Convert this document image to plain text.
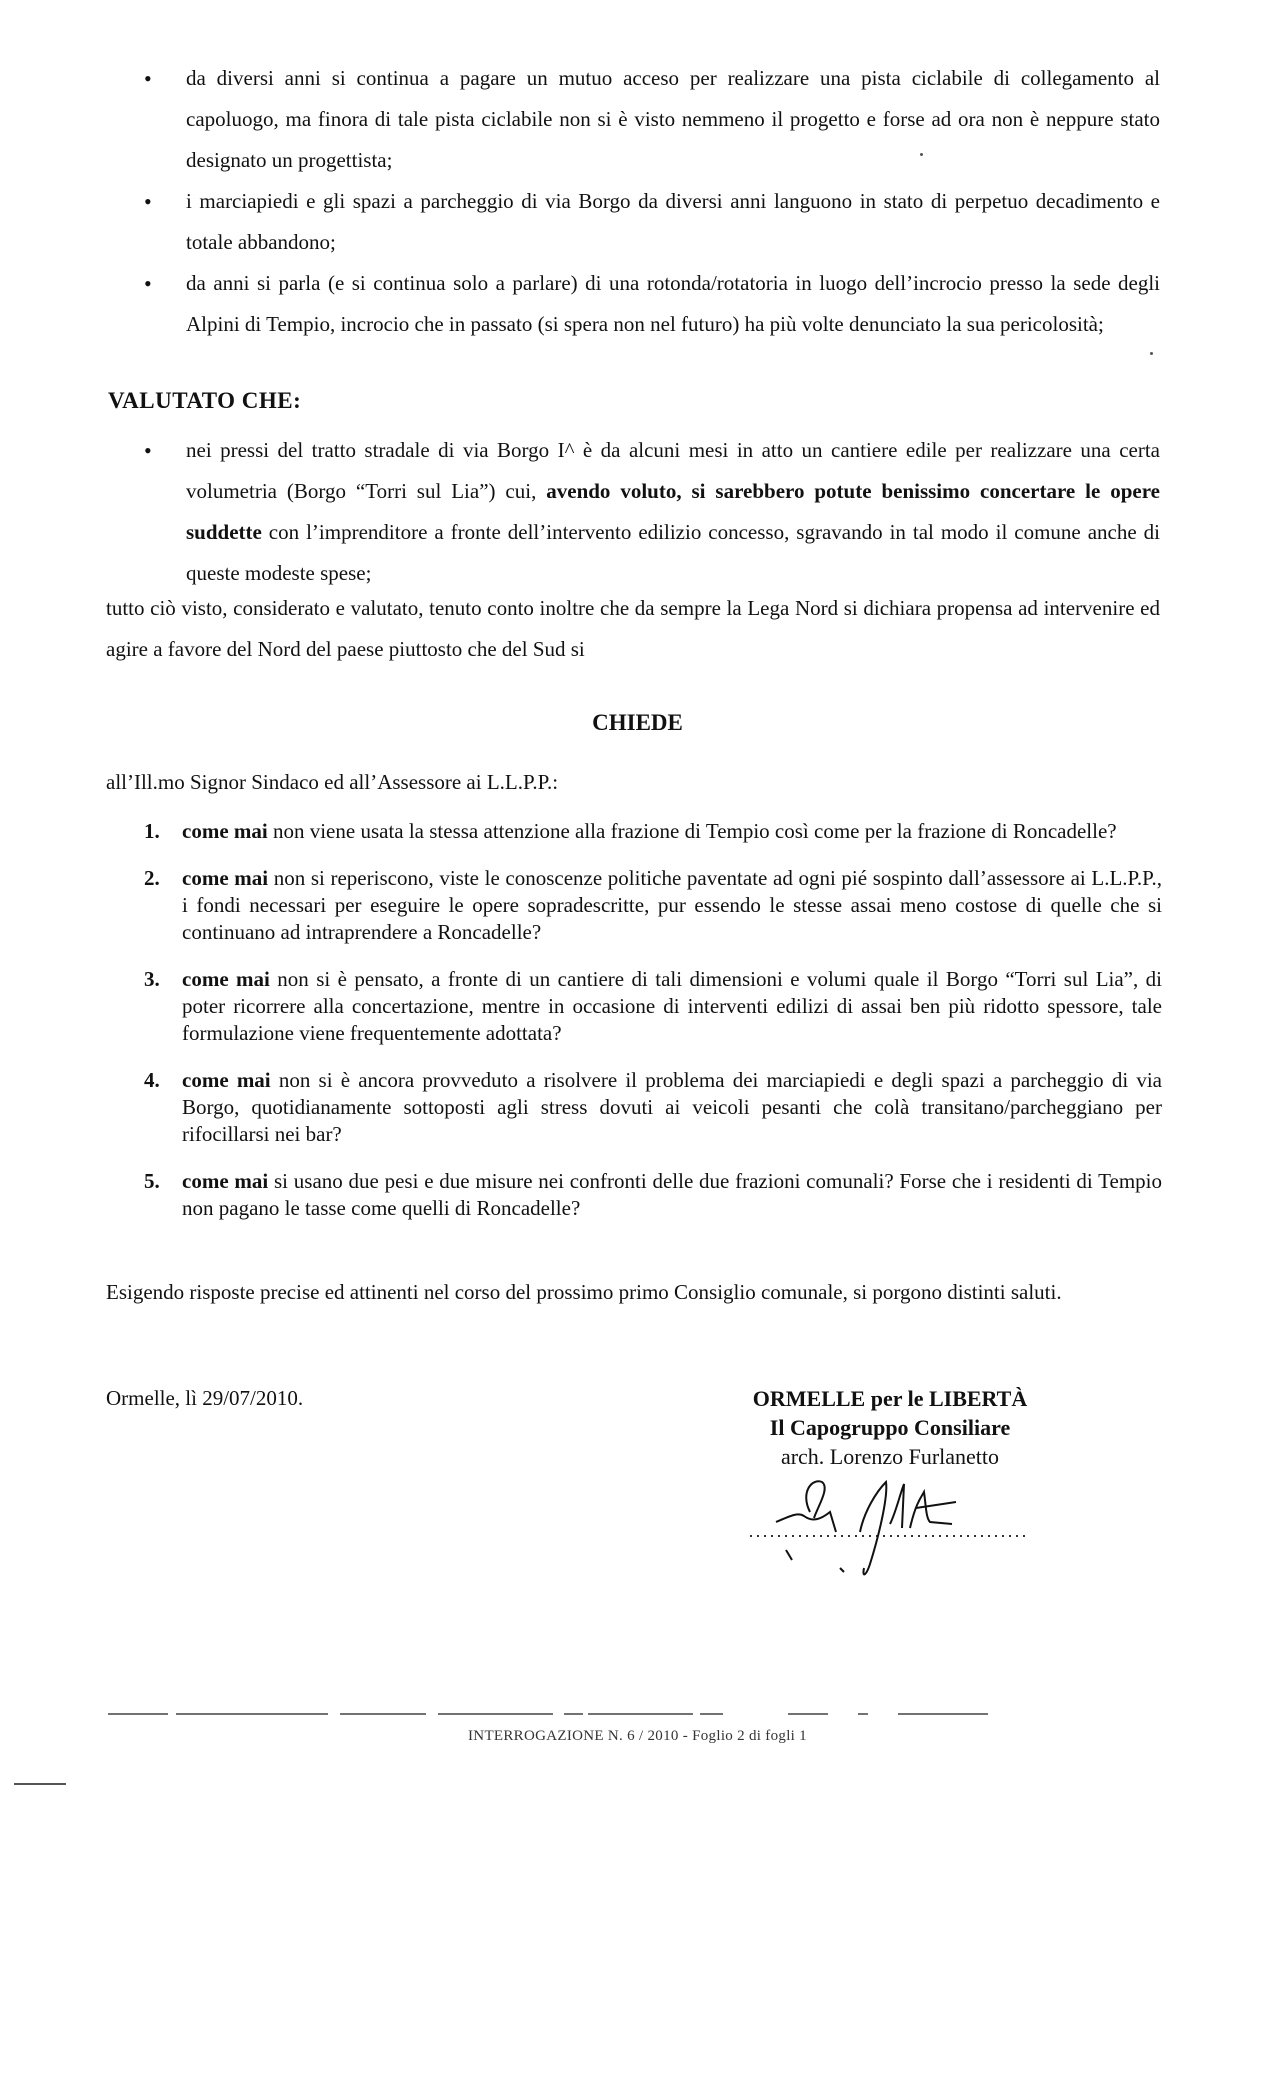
• da diversi anni si continua a pagare un mutuo acceso per realizzare una pista ciclabile di collegamento al capoluogo, ma finora di tale pista ciclabile non si è visto nemmeno il progetto e forse ad ora non è neppure stato designato un progettista;
• i marciapiedi e gli spazi a parcheggio di via Borgo da diversi anni languono in stato di perpetuo decadimento e totale abbandono;
• da anni si parla (e si continua solo a parlare) di una rotonda/rotatoria in luogo dell’incrocio presso la sede degli Alpini di Tempio, incrocio che in passato (si spera non nel futuro) ha più volte denunciato la sua pericolosità;
VALUTATO CHE:
• nei pressi del tratto stradale di via Borgo I^ è da alcuni mesi in atto un cantiere edile per realizzare una certa volumetria (Borgo “Torri sul Lia”) cui, avendo voluto, si sarebbero potute benissimo concertare le opere suddette con l’imprenditore a fronte dell’intervento edilizio concesso, sgravando in tal modo il comune anche di queste modeste spese;
tutto ciò visto, considerato e valutato, tenuto conto inoltre che da sempre la Lega Nord si dichiara propensa ad intervenire ed agire a favore del Nord del paese piuttosto che del Sud si
CHIEDE
all’Ill.mo Signor Sindaco ed all’Assessore ai L.L.P.P.:
1. come mai non viene usata la stessa attenzione alla frazione di Tempio così come per la frazione di Roncadelle?
2. come mai non si reperiscono, viste le conoscenze politiche paventate ad ogni pié sospinto dall’assessore ai L.L.P.P., i fondi necessari per eseguire le opere sopradescritte, pur essendo le stesse assai meno costose di quelle che si continuano ad intraprendere a Roncadelle?
3. come mai non si è pensato, a fronte di un cantiere di tali dimensioni e volumi quale il Borgo “Torri sul Lia”, di poter ricorrere alla concertazione, mentre in occasione di interventi edilizi di assai ben più ridotto spessore, tale formulazione viene frequentemente adottata?
4. come mai non si è ancora provveduto a risolvere il problema dei marciapiedi e degli spazi a parcheggio di via Borgo, quotidianamente sottoposti agli stress dovuti ai veicoli pesanti che colà transitano/parcheggiano per rifocillarsi nei bar?
5. come mai si usano due pesi e due misure nei confronti delle due frazioni comunali? Forse che i residenti di Tempio non pagano le tasse come quelli di Roncadelle?
Esigendo risposte precise ed attinenti nel corso del prossimo primo Consiglio comunale, si porgono distinti saluti.
Ormelle, lì 29/07/2010.	ORMELLE per le LIBERTÀ
Il Capogruppo Consiliare
arch. Lorenzo Furlanetto
INTERROGAZIONE N. 6 / 2010 - Foglio 2 di fogli 1
